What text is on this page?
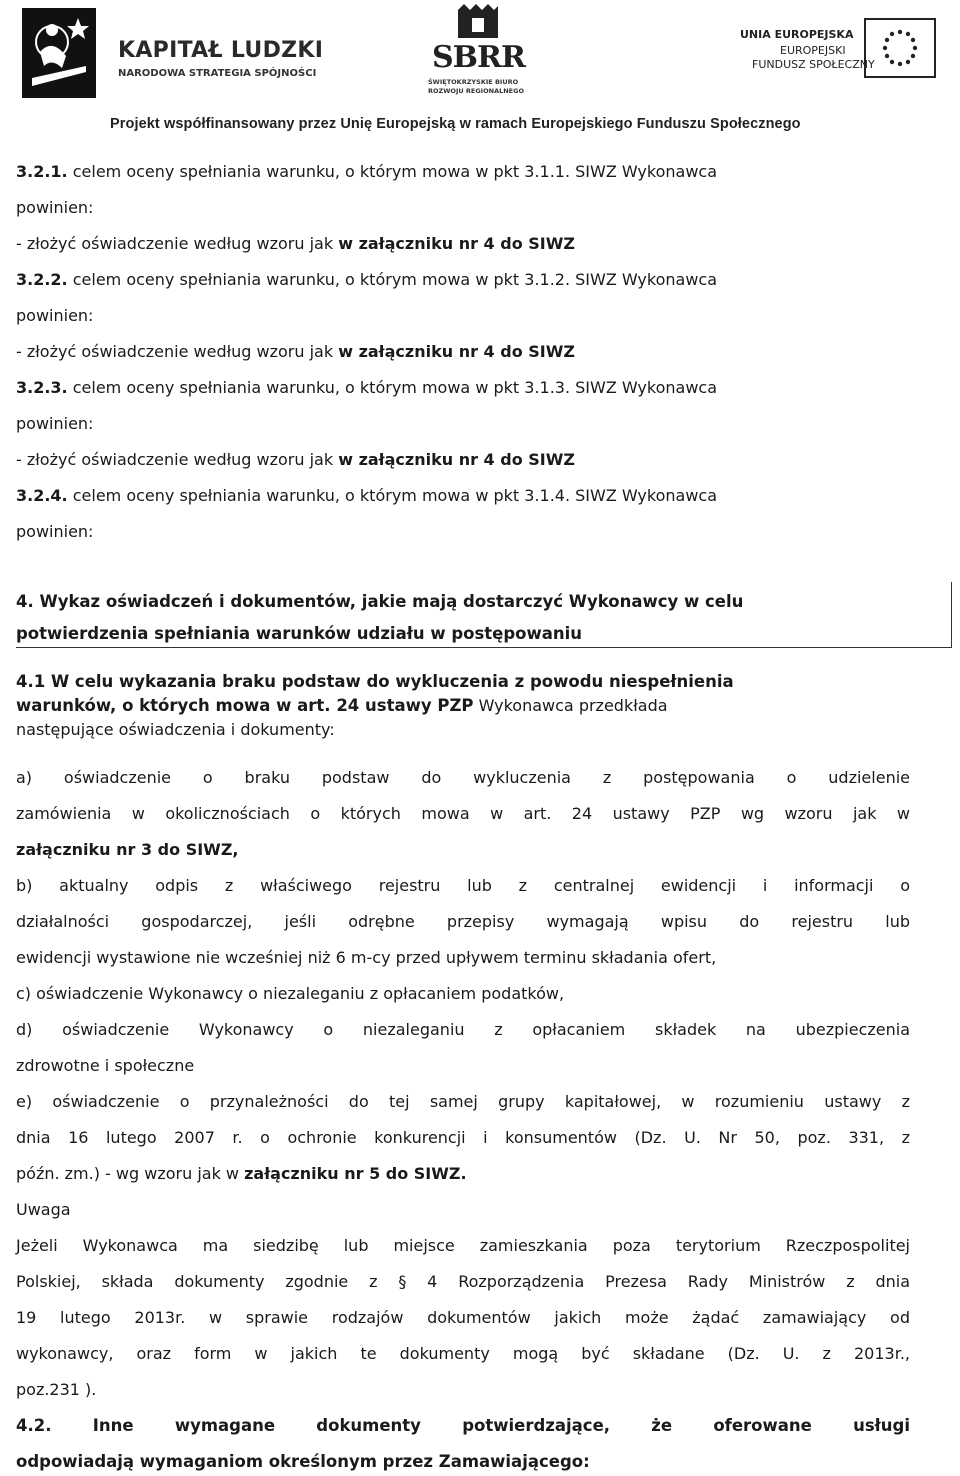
KAPITAŁ LUDZKI
NARODOWA STRATEGIA SPÓJNOŚCI	SBRR
ŚWIĘTOKRZYSKIE BIURO
ROZWOJU REGIONALNEGO
UNIA EUROPEJSKA
EUROPEJSKI
FUNDUSZ SPOŁECZNY
Projekt współfinansowany przez Unię Europejską w ramach Europejskiego Funduszu Społecznego
3.2.1. celem oceny spełniania warunku, o którym mowa w pkt 3.1.1. SIWZ Wykonawca
powinien:
- złożyć oświadczenie według wzoru jak w załączniku nr 4 do SIWZ
3.2.2. celem oceny spełniania warunku, o którym mowa w pkt 3.1.2. SIWZ Wykonawca
powinien:
- złożyć oświadczenie według wzoru jak w załączniku nr 4 do SIWZ
3.2.3. celem oceny spełniania warunku, o którym mowa w pkt 3.1.3. SIWZ Wykonawca
powinien:
- złożyć oświadczenie według wzoru jak w załączniku nr 4 do SIWZ
3.2.4. celem oceny spełniania warunku, o którym mowa w pkt 3.1.4. SIWZ Wykonawca
powinien:
4. Wykaz oświadczeń i dokumentów, jakie mają dostarczyć Wykonawcy w celu
potwierdzenia spełniania warunków udziału w postępowaniu
4.1 W celu wykazania braku podstaw do wykluczenia z powodu niespełnienia
warunków, o których mowa w art. 24 ustawy PZP Wykonawca przedkłada
następujące oświadczenia i dokumenty:
a) oświadczenie o braku podstaw do wykluczenia z postępowania o udzielenie
zamówienia w okolicznościach o których mowa w art. 24 ustawy PZP wg wzoru jak w
załączniku nr 3 do SIWZ,
b) aktualny odpis z właściwego rejestru lub z centralnej ewidencji i informacji o
działalności gospodarczej, jeśli odrębne przepisy wymagają wpisu do rejestru lub
ewidencji wystawione nie wcześniej niż 6 m-cy przed upływem terminu składania ofert,
c) oświadczenie Wykonawcy o niezaleganiu z opłacaniem podatków,
d) oświadczenie Wykonawcy o niezaleganiu z opłacaniem składek na ubezpieczenia
zdrowotne i społeczne
e) oświadczenie o przynależności do tej samej grupy kapitałowej, w rozumieniu ustawy z
dnia 16 lutego 2007 r. o ochronie konkurencji i konsumentów (Dz. U. Nr 50, poz. 331, z
późn. zm.) - wg wzoru jak w załączniku nr 5 do SIWZ.
Uwaga
Jeżeli Wykonawca ma siedzibę lub miejsce zamieszkania poza terytorium Rzeczpospolitej
Polskiej, składa dokumenty zgodnie z § 4 Rozporządzenia Prezesa Rady Ministrów z dnia
19 lutego 2013r. w sprawie rodzajów dokumentów jakich może żądać zamawiający od
wykonawcy, oraz form w jakich te dokumenty mogą być składane (Dz. U. z 2013r.,
poz.231 ).
4.2. Inne wymagane dokumenty potwierdzające, że oferowane usługi
odpowiadają wymaganiom określonym przez Zamawiającego:
